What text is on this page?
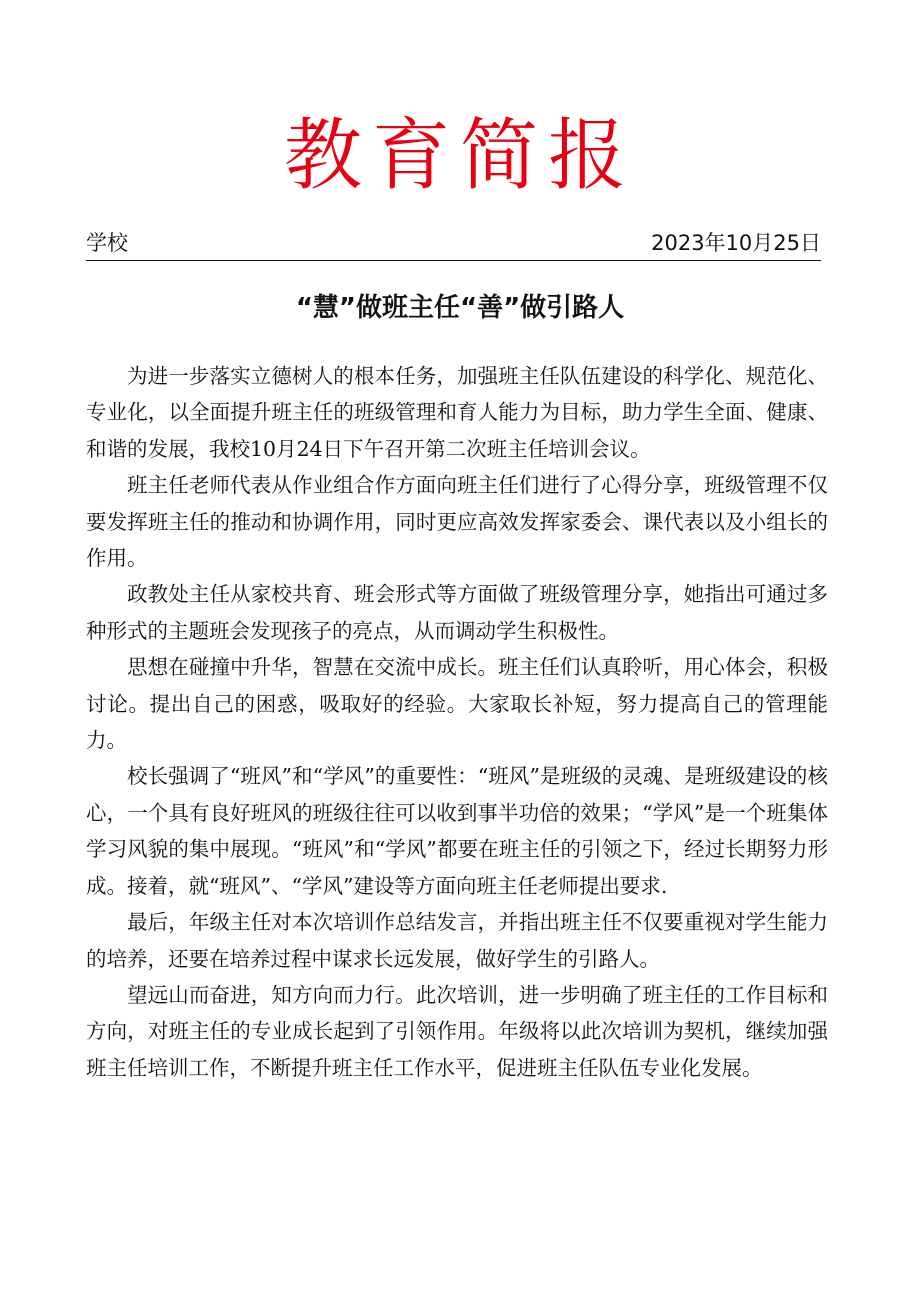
教育简报
学校	2023年10月25日
“慧”做班主任“善”做引路人

为进一步落实立德树人的根本任务，加强班主任队伍建设的科学化、规范化、专业化，以全面提升班主任的班级管理和育人能力为目标，助力学生全面、健康、和谐的发展，我校10月24日下午召开第二次班主任培训会议。

班主任老师代表从作业组合作方面向班主任们进行了心得分享，班级管理不仅要发挥班主任的推动和协调作用，同时更应高效发挥家委会、课代表以及小组长的作用。

政教处主任从家校共育、班会形式等方面做了班级管理分享，她指出可通过多种形式的主题班会发现孩子的亮点，从而调动学生积极性。

思想在碰撞中升华，智慧在交流中成长。班主任们认真聆听，用心体会，积极讨论。提出自己的困惑，吸取好的经验。大家取长补短，努力提高自己的管理能力。

校长强调了“班风”和“学风”的重要性：“班风”是班级的灵魂、是班级建设的核心，一个具有良好班风的班级往往可以收到事半功倍的效果；“学风”是一个班集体学习风貌的集中展现。“班风”和“学风”都要在班主任的引领之下，经过长期努力形成。接着，就“班风”、“学风”建设等方面向班主任老师提出要求.

最后，年级主任对本次培训作总结发言，并指出班主任不仅要重视对学生能力的培养，还要在培养过程中谋求长远发展，做好学生的引路人。

望远山而奋进，知方向而力行。此次培训，进一步明确了班主任的工作目标和方向，对班主任的专业成长起到了引领作用。年级将以此次培训为契机，继续加强班主任培训工作，不断提升班主任工作水平，促进班主任队伍专业化发展。
